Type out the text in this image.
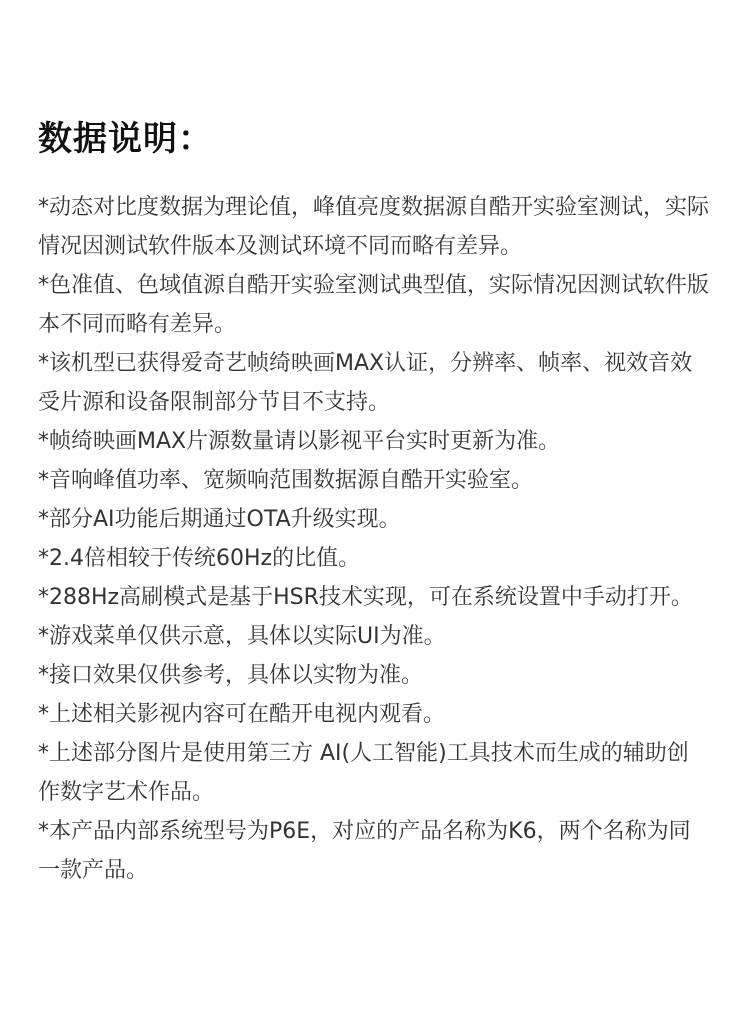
数据说明：

*动态对比度数据为理论值，峰值亮度数据源自酷开实验室测试，实际情况因测试软件版本及测试环境不同而略有差异。

*色准值、色域值源自酷开实验室测试典型值，实际情况因测试软件版本不同而略有差异。

*该机型已获得爱奇艺帧绮映画MAX认证，分辨率、帧率、视效音效受片源和设备限制部分节目不支持。

*帧绮映画MAX片源数量请以影视平台实时更新为准。

*音响峰值功率、宽频响范围数据源自酷开实验室。

*部分AI功能后期通过OTA升级实现。

*2.4倍相较于传统60Hz的比值。

*288Hz高刷模式是基于HSR技术实现，可在系统设置中手动打开。

*游戏菜单仅供示意，具体以实际UI为准。

*接口效果仅供参考，具体以实物为准。

*上述相关影视内容可在酷开电视内观看。

*上述部分图片是使用第三方 AI(人工智能)工具技术而生成的辅助创作数字艺术作品。

*本产品内部系统型号为P6E，对应的产品名称为K6，两个名称为同一款产品。
